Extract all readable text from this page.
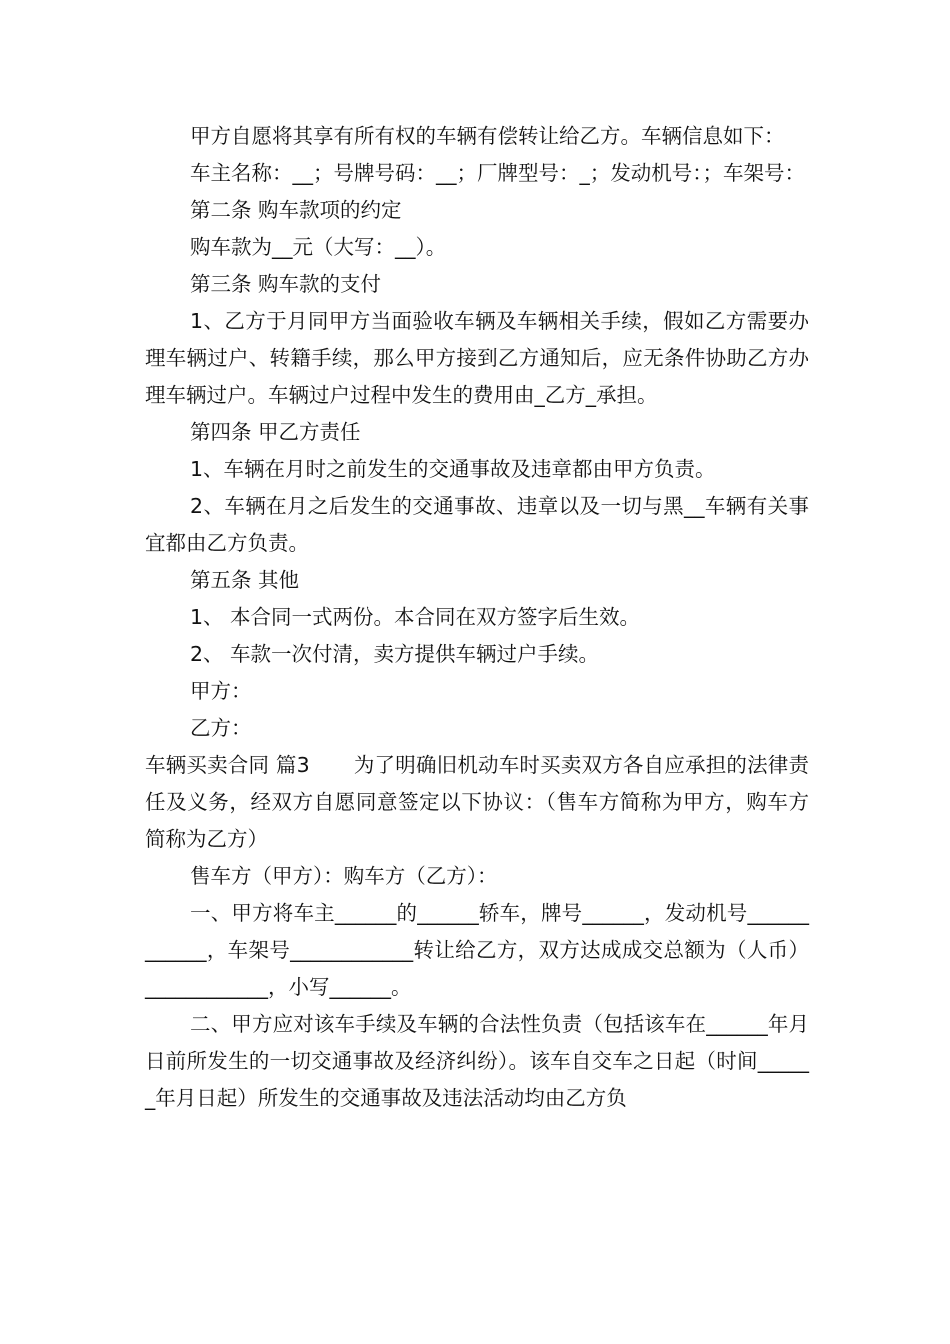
甲方自愿将其享有所有权的车辆有偿转让给乙方。车辆信息如下：

车主名称：__；号牌号码：__；厂牌型号：_；发动机号：；车架号：

第二条 购车款项的约定

购车款为__元（大写：__）。

第三条 购车款的支付

1、乙方于月同甲方当面验收车辆及车辆相关手续，假如乙方需要办理车辆过户、转籍手续，那么甲方接到乙方通知后，应无条件协助乙方办理车辆过户。车辆过户过程中发生的费用由_乙方_承担。

第四条 甲乙方责任

1、车辆在月时之前发生的交通事故及违章都由甲方负责。

2、车辆在月之后发生的交通事故、违章以及一切与黑__车辆有关事宜都由乙方负责。

第五条 其他

1、 本合同一式两份。本合同在双方签字后生效。

2、 车款一次付清，卖方提供车辆过户手续。

甲方：

乙方：

车辆买卖合同 篇3 为了明确旧机动车时买卖双方各自应承担的法律责任及义务，经双方自愿同意签定以下协议：（售车方简称为甲方，购车方简称为乙方）

售车方（甲方）：购车方（乙方）：

一、甲方将车主______的______轿车，牌号______，发动机号____________，车架号____________转让给乙方，双方达成成交总额为（人币）____________，小写______。

二、甲方应对该车手续及车辆的合法性负责（包括该车在______年月日前所发生的一切交通事故及经济纠纷）。该车自交车之日起（时间______年月日起）所发生的交通事故及违法活动均由乙方负
